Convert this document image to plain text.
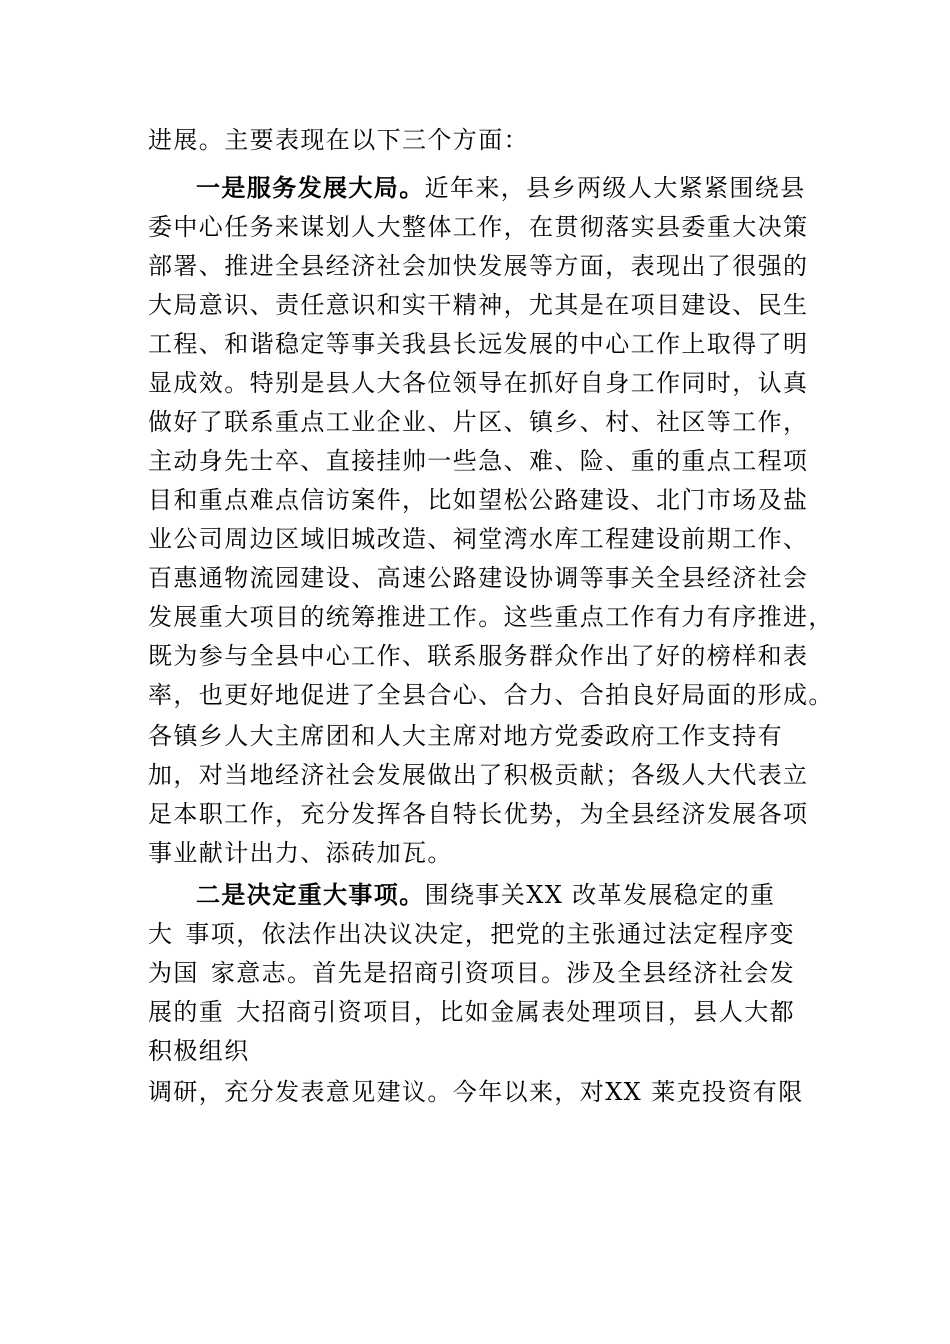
进展。主要表现在以下三个方面：
一是服务发展大局。近年来，县乡两级人大紧紧围绕县
委中心任务来谋划人大整体工作，在贯彻落实县委重大决策
部署、推进全县经济社会加快发展等方面，表现出了很强的
大局意识、责任意识和实干精神，尤其是在项目建设、民生
工程、和谐稳定等事关我县长远发展的中心工作上取得了明
显成效。特别是县人大各位领导在抓好自身工作同时，认真
做好了联系重点工业企业、片区、镇乡、村、社区等工作，
主动身先士卒、直接挂帅一些急、难、险、重的重点工程项
目和重点难点信访案件，比如望松公路建设、北门市场及盐
业公司周边区域旧城改造、祠堂湾水库工程建设前期工作、
百惠通物流园建设、高速公路建设协调等事关全县经济社会
发展重大项目的统筹推进工作。这些重点工作有力有序推进，
既为参与全县中心工作、联系服务群众作出了好的榜样和表
率，也更好地促进了全县合心、合力、合拍良好局面的形成。
各镇乡人大主席团和人大主席对地方党委政府工作支持有
加，对当地经济社会发展做出了积极贡献；各级人大代表立
足本职工作，充分发挥各自特长优势，为全县经济发展各项
事业献计出力、添砖加瓦。
二是决定重大事项。围绕事关XX 改革发展稳定的重
大 事项，依法作出决议决定，把党的主张通过法定程序变
为国 家意志。首先是招商引资项目。涉及全县经济社会发
展的重 大招商引资项目，比如金属表处理项目，县人大都
积极组织
调研，充分发表意见建议。今年以来，对XX 莱克投资有限
